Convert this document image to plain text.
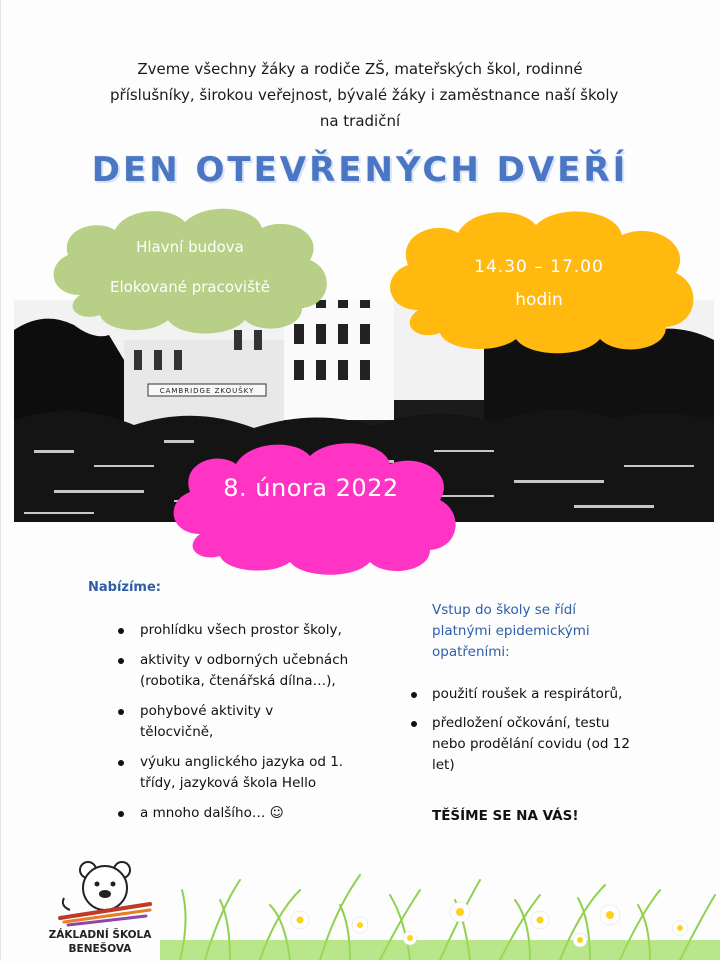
Zveme všechny žáky a rodiče ZŠ, mateřských škol, rodinné
příslušníky, širokou veřejnost, bývalé žáky i zaměstnance naší školy
na tradiční
DEN OTEVŘENÝCH DVEŘÍ
CAMBRIDGE ZKOUŠKY
Hlavní budova
Elokované pracoviště
14.30 – 17.00
hodin
8. února 2022
Nabízíme:
prohlídku všech prostor školy,
aktivity v odborných učebnách (robotika, čtenářská dílna…),
pohybové aktivity v tělocvičně,
výuku anglického jazyka od 1. třídy, jazyková škola Hello
a mnoho dalšího… ☺
Vstup do školy se řídí platnými epidemickými opatřeními:
použití roušek a respirátorů,
předložení očkování, testu nebo prodělání covidu (od 12 let)
TĚŠÍME SE NA VÁS!
ZÁKLADNÍ ŠKOLA
BENEŠOVA
